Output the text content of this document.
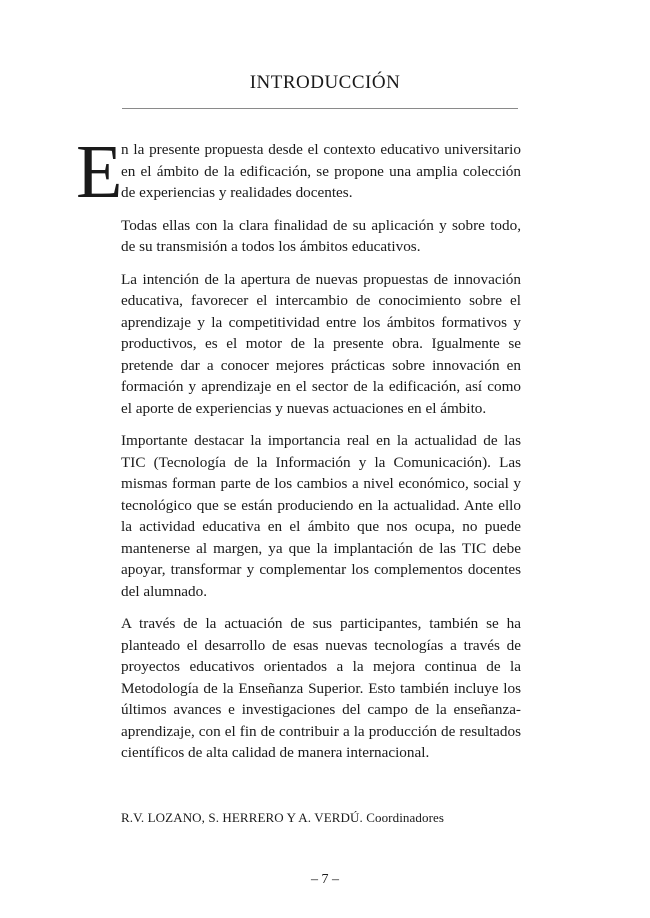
INTRODUCCIÓN

E
n la presente propuesta desde el contexto educativo universitario en el ámbito de la edificación, se propone una amplia colección de experiencias y realidades docentes.

Todas ellas con la clara finalidad de su aplicación y sobre todo, de su transmisión a todos los ámbitos educativos.

La intención de la apertura de nuevas propuestas de innovación educativa, favorecer el intercambio de conocimiento sobre el aprendizaje y la competitividad entre los ámbitos formativos y productivos, es el motor de la presente obra. Igualmente se pretende dar a conocer mejores prácticas sobre innovación en formación y aprendizaje en el sector de la edificación, así como el aporte de experiencias y nuevas actuaciones en el ámbito.

Importante destacar la importancia real en la actualidad de las TIC (Tecnología de la Información y la Comunicación). Las mismas forman parte de los cambios a nivel económico, social y tecnológico que se están produciendo en la actualidad. Ante ello la actividad educativa en el ámbito que nos ocupa, no puede mantenerse al margen, ya que la implantación de las TIC debe apoyar, transformar y complementar los complementos docentes del alumnado.

A través de la actuación de sus participantes, también se ha planteado el desarrollo de esas nuevas tecnologías a través de proyectos educativos orientados a la mejora continua de la Metodología de la Enseñanza Superior. Esto también incluye los últimos avances e investigaciones del campo de la enseñanza-aprendizaje, con el fin de contribuir a la producción de resultados científicos de alta calidad de manera internacional.

R.V. LOZANO, S. HERRERO Y A. VERDÚ. Coordinadores
– 7 –
